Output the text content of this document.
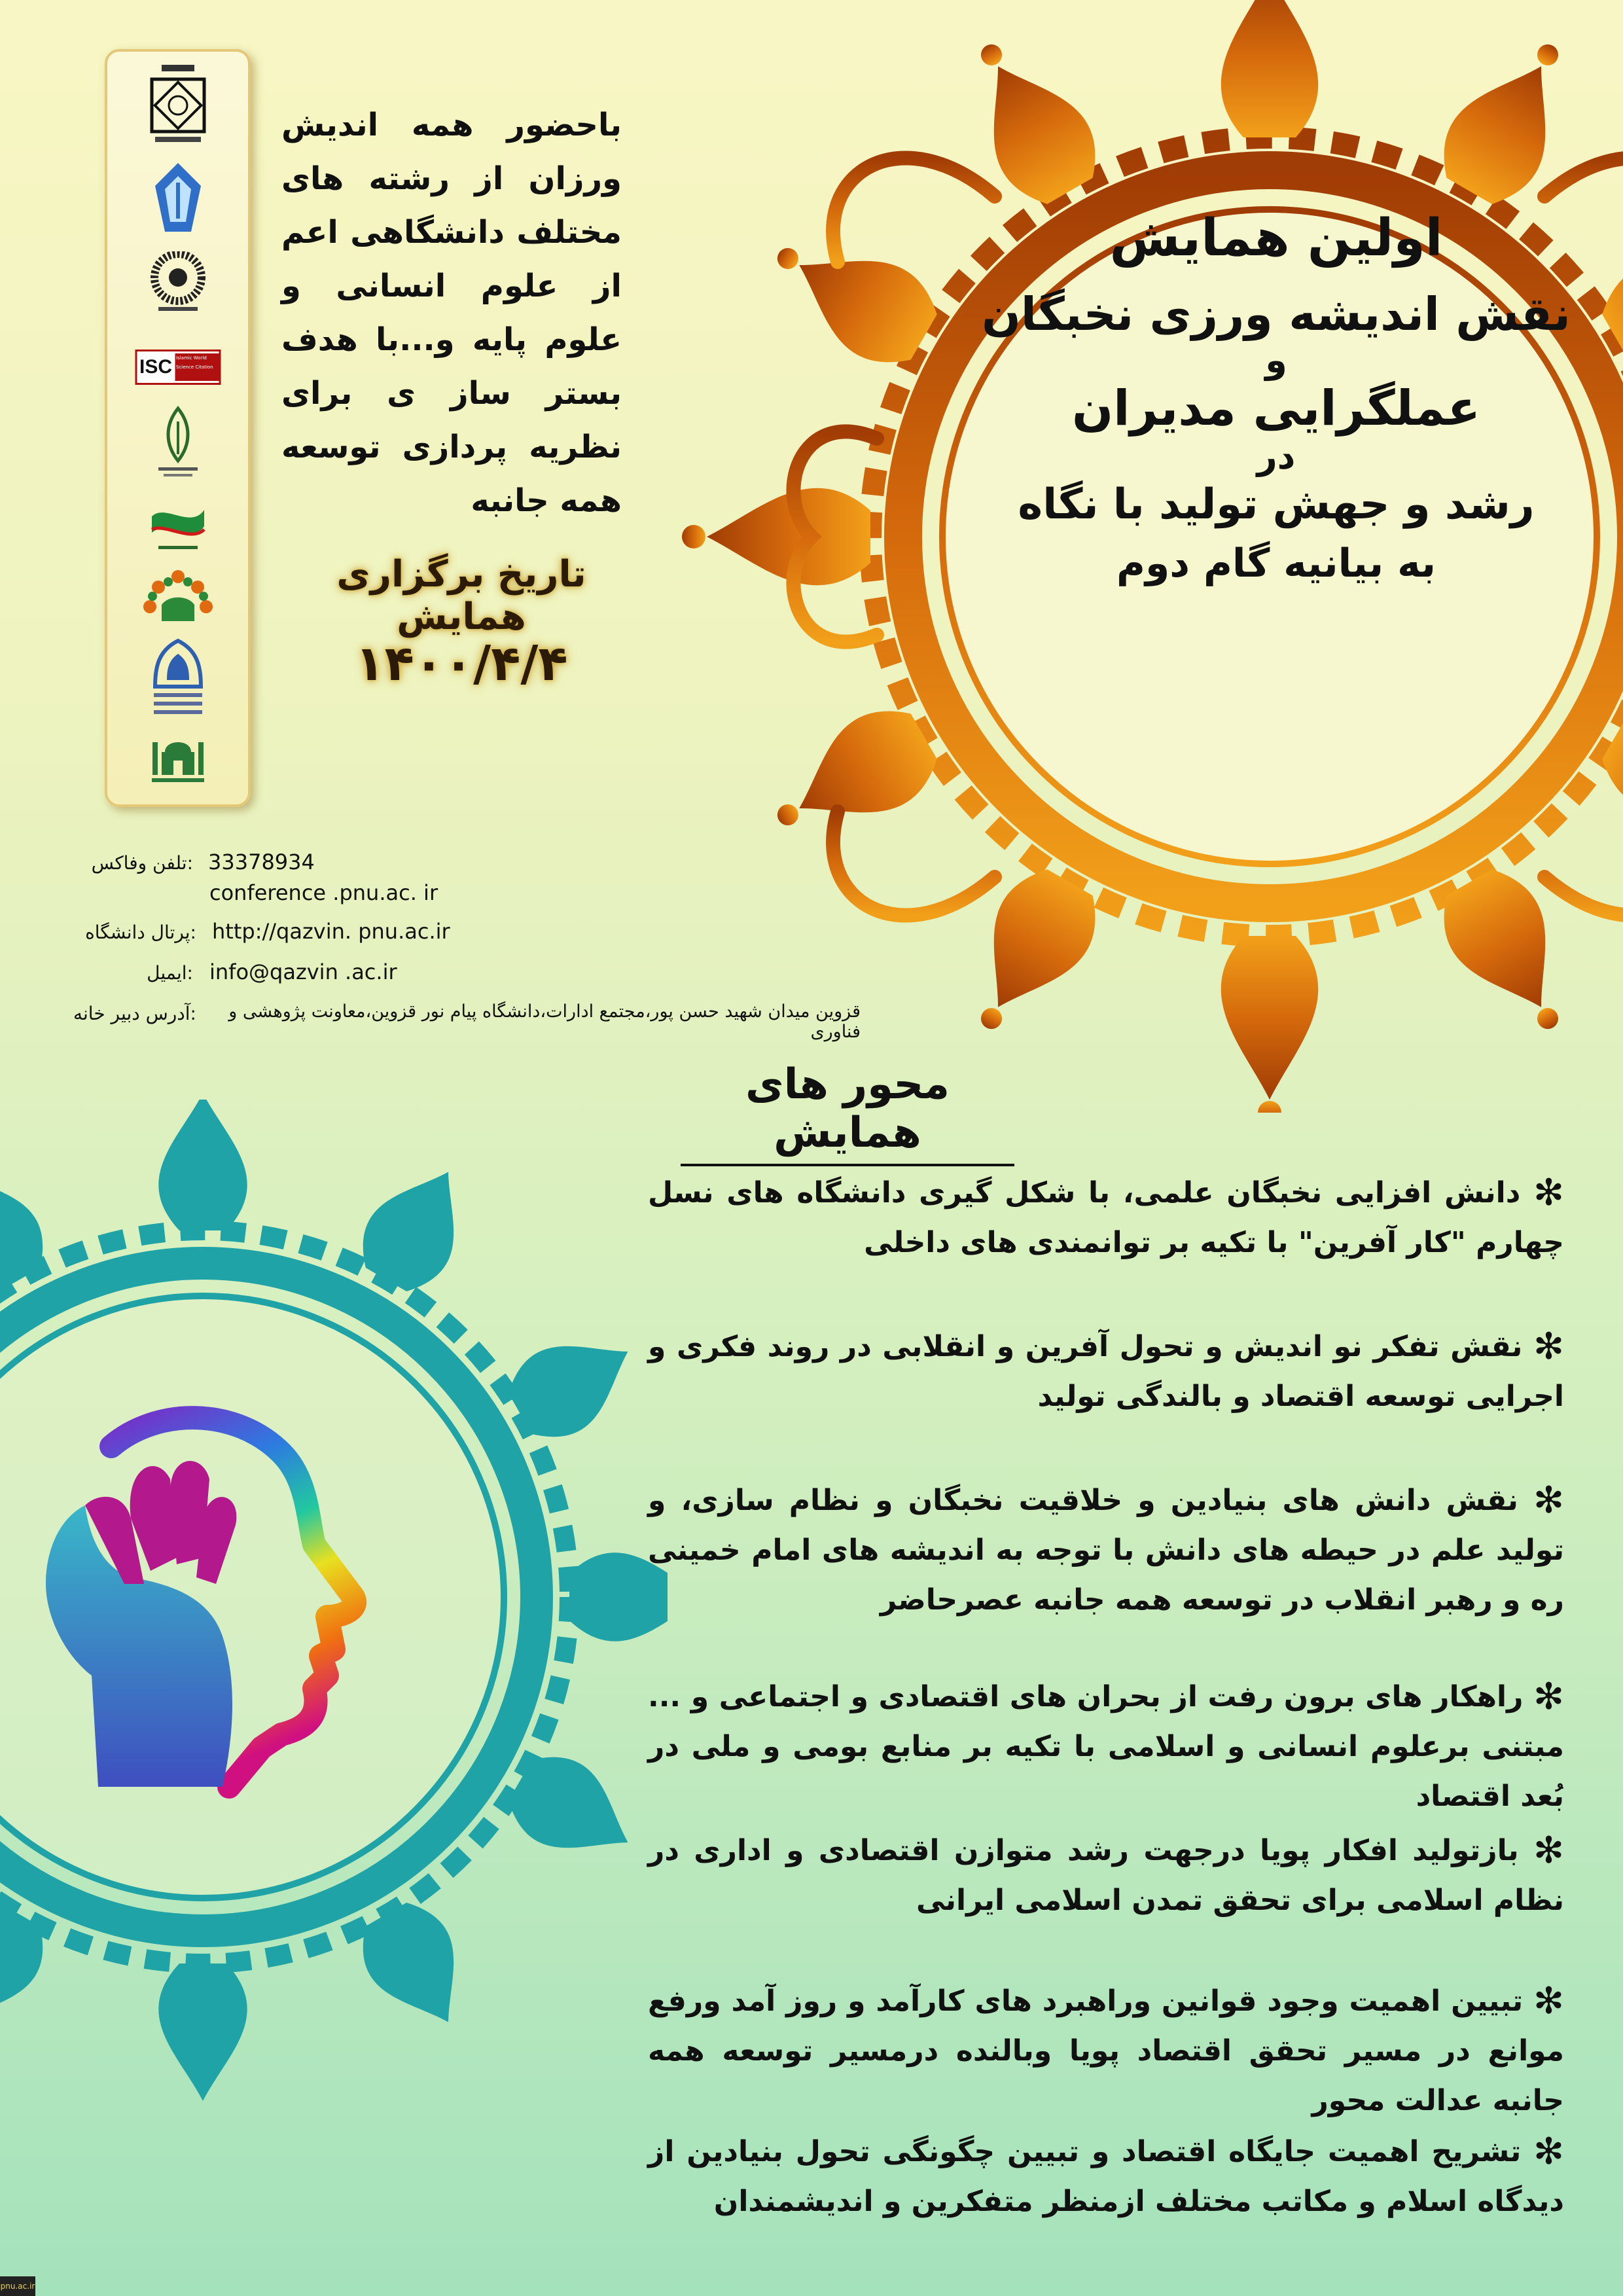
ISC Islamic World Science Citation
باحضور همه اندیش ورزان از رشته های مختلف دانشگاهی اعم از علوم انسانی و علوم پایه و...با هدف بستر ساز ی برای نظریه پردازی توسعه همه جانبه
تاریخ برگزاری همایش
۱۴۰۰/۴/۴
اولین همایش
نقش اندیشه ورزی نخبگان
و
عملگرایی مدیران
در
رشد و جهش تولید با نگاه
به بیانیه گام دوم
:تلفن وفاکس 33378934
conference .pnu.ac. ir
:پرتال دانشگاه http://qazvin. pnu.ac.ir
:ایمیل info@qazvin .ac.ir
:آدرس دبیر خانه	قزوین میدان شهید حسن پور،مجتمع ادارات،دانشگاه پیام نور قزوین،معاونت پژوهشی و فناوری
محور های همایش
✻ دانش افزایی نخبگان علمی، با شکل گیری دانشگاه های نسل چهارم "کار آفرین" با تکیه بر توانمندی های داخلی
✻ نقش تفکر نو اندیش و تحول آفرین و انقلابی در روند فکری و اجرایی توسعه اقتصاد و بالندگی تولید
✻ نقش دانش های بنیادین و خلاقیت نخبگان و نظام سازی، و تولید علم در حیطه های دانش با توجه به اندیشه های امام خمینی ره و رهبر انقلاب در توسعه همه جانبه عصرحاضر
✻ راهکار های برون رفت از بحران های اقتصادی و اجتماعی و ... مبتنی برعلوم انسانی و اسلامی با تکیه بر منابع بومی و ملی در بُعد اقتصاد
✻ بازتولید افکار پویا درجهت رشد متوازن اقتصادی و اداری در نظام اسلامی برای تحقق تمدن اسلامی ایرانی
✻ تبیین اهمیت وجود قوانین وراهبرد های کارآمد و روز آمد ورفع موانع در مسیر تحقق اقتصاد پویا وبالنده درمسیر توسعه همه جانبه عدالت محور
✻ تشریح اهمیت جایگاه اقتصاد و تبیین چگونگی تحول بنیادین از دیدگاه اسلام و مکاتب مختلف ازمنظر متفکرین و اندیشمندان
pnu.ac.ir
